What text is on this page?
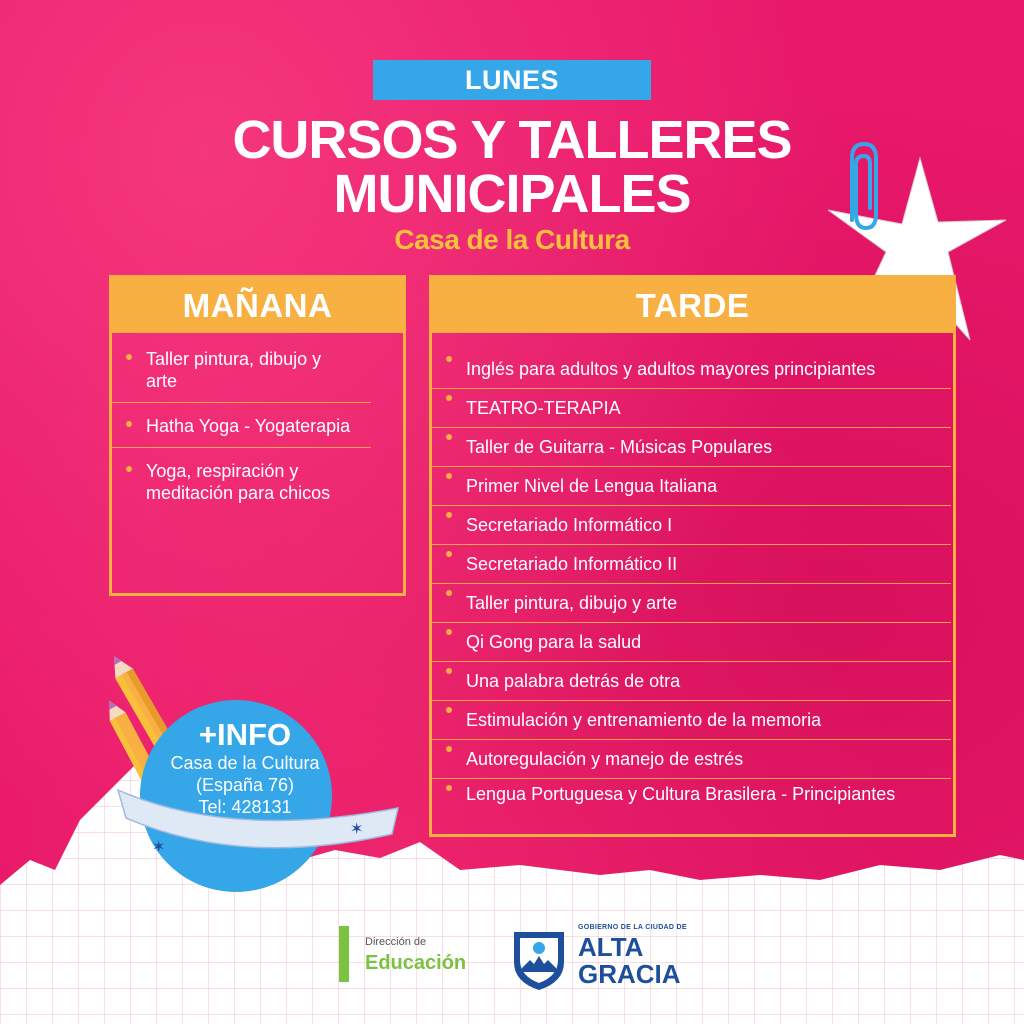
LUNES
CURSOS Y TALLERES
MUNICIPALES
Casa de la Cultura
MAÑANA
Taller pintura, dibujo y arte
Hatha Yoga - Yogaterapia
Yoga, respiración y meditación para chicos
TARDE
Inglés para adultos y adultos mayores principiantes
TEATRO-TERAPIA
Taller de Guitarra - Músicas Populares
Primer Nivel de Lengua Italiana
Secretariado Informático I
Secretariado Informático II
Taller pintura, dibujo y arte
Qi Gong para la salud
Una palabra detrás de otra
Estimulación y entrenamiento de la memoria
Autoregulación y manejo de estrés
Lengua Portuguesa y Cultura Brasilera - Principiantes
✶
✶
+INFO
Casa de la Cultura
(España 76)
Tel: 428131
Dirección de
Educación
GOBIERNO DE LA CIUDAD DE
ALTA
GRACIA
